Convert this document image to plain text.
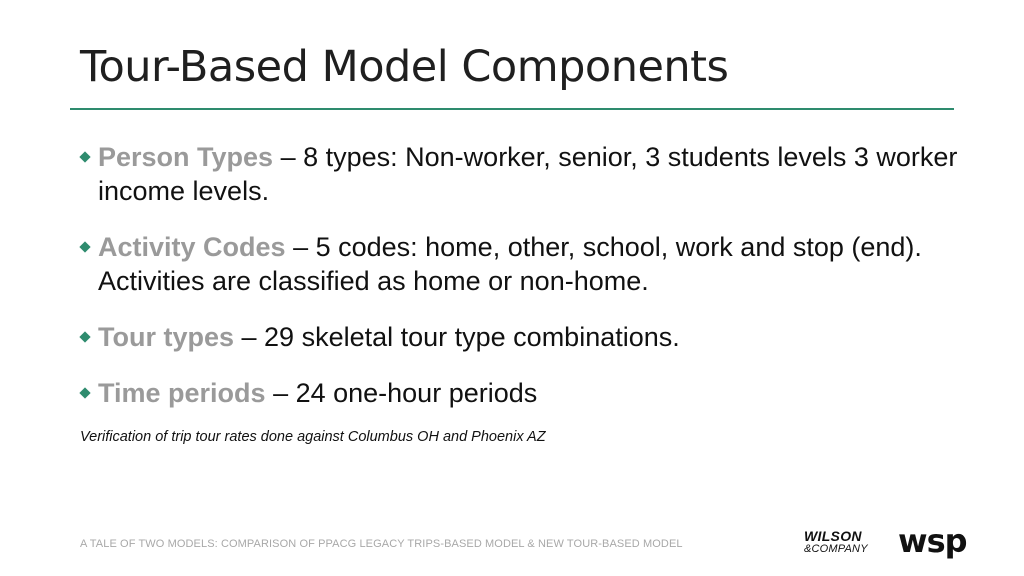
Tour-Based Model Components
Person Types – 8 types: Non-worker, senior, 3 students levels 3 worker income levels.
Activity Codes – 5 codes: home, other, school, work and stop (end). Activities are classified as home or non-home.
Tour types – 29 skeletal tour type combinations.
Time periods – 24 one-hour periods
Verification of trip tour rates done against Columbus OH and Phoenix AZ
A TALE OF TWO MODELS: COMPARISON OF PPACG LEGACY TRIPS-BASED MODEL & NEW TOUR-BASED MODEL	WILSON
&COMPANY wsp
